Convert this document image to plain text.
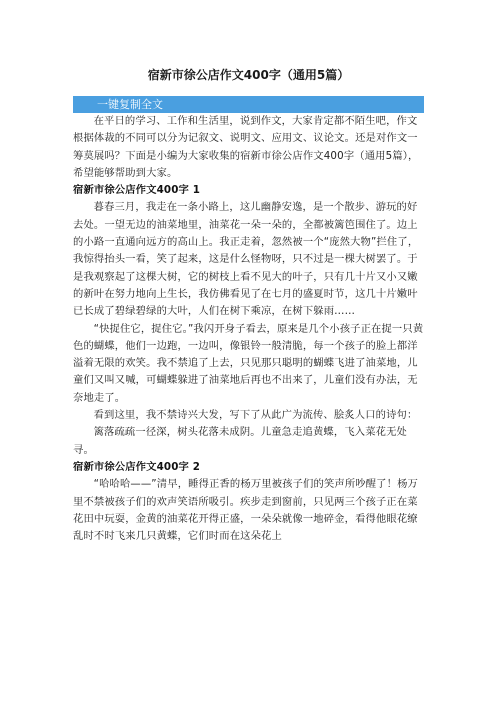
宿新市徐公店作文400字（通用5篇）
一键复制全文

在平日的学习、工作和生活里，说到作文，大家肯定都不陌生吧，作文根据体裁的不同可以分为记叙文、说明文、应用文、议论文。还是对作文一筹莫展吗？下面是小编为大家收集的宿新市徐公店作文400字（通用5篇），希望能够帮助到大家。

宿新市徐公店作文400字 1

暮春三月，我走在一条小路上，这儿幽静安逸，是一个散步、游玩的好去处。一望无边的油菜地里，油菜花一朵一朵的，全都被篱笆围住了。边上的小路一直通向远方的高山上。我正走着，忽然被一个“庞然大物”拦住了，我惊得抬头一看，笑了起来，这是什么怪物呀，只不过是一棵大树罢了。于是我观察起了这棵大树，它的树枝上看不见大的叶子，只有几十片又小又嫩的新叶在努力地向上生长，我仿佛看见了在七月的盛夏时节，这几十片嫩叶已长成了碧绿碧绿的大叶，人们在树下乘凉，在树下躲雨……

“快捉住它，捉住它。”我闪开身子看去，原来是几个小孩子正在捉一只黄色的蝴蝶，他们一边跑，一边叫，像银铃一般清脆，每一个孩子的脸上都洋溢着无限的欢笑。我不禁追了上去，只见那只聪明的蝴蝶飞进了油菜地，儿童们又叫又喊，可蝴蝶躲进了油菜地后再也不出来了，儿童们没有办法，无奈地走了。

看到这里，我不禁诗兴大发，写下了从此广为流传、脍炙人口的诗句：

篱落疏疏一径深，树头花落未成阴。儿童急走追黄蝶，飞入菜花无处寻。

宿新市徐公店作文400字 2

“哈哈哈——”清早，睡得正香的杨万里被孩子们的笑声所吵醒了！杨万里不禁被孩子们的欢声笑语所吸引。疾步走到窗前，只见两三个孩子正在菜花田中玩耍，金黄的油菜花开得正盛，一朵朵就像一地碎金，看得他眼花缭乱时不时飞来几只黄蝶，它们时而在这朵花上
